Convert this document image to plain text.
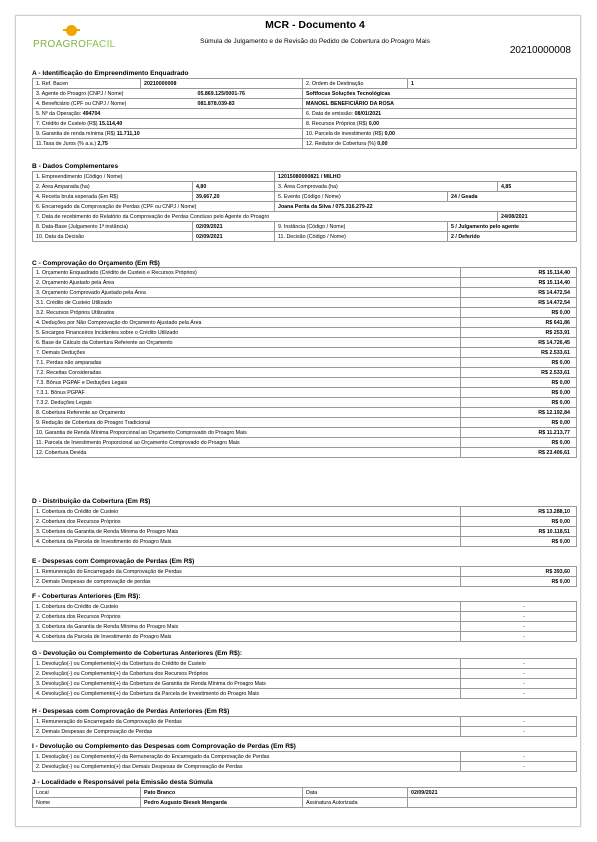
PROAGROFACIL
MCR - Documento 4
Súmula de Julgamento e de Revisão do Pedido de Cobertura do Proagro Mais
20210000008
A - Identificação do Empreendimento Enquadrado
1. Ref. Bacen	20210000008	2. Ordem de Destinação	1
3. Agente do Proagro (CNPJ / Nome) 05.869.125/0001-76		Softfocus Soluções Tecnológicas	
4. Beneficiário (CPF ou CNPJ / Nome) 081.878.039-83		MANOEL BENEFICIÁRIO DA ROSA	
5. Nº da Operação: 494704		6. Data de emissão: 08/01/2021	
7. Crédito de Custeio (R$) 15.114,40		8. Recursos Próprios (R$) 0,00	
9. Garantia de renda mínima (R$) 11.711,10		10. Parcela de investimento (R$) 0,00	
11.Taxa de Juros (% a.a.) 2,75		12. Redutor de Cobertura (%) 0,00	
B - Dados Complementares
1. Empreendimento (Código / Nome)		12015080000821 / MILHO		
2. Área Amparada (ha)	4,80	3. Área Comprovada (ha)		4,85
4. Receita bruta esperada (Em R$)	39.667,20	5. Evento (Código / Nome)	24 / Geada	
6. Encarregado da Comprovação de Perdas (CPF ou CNPJ / Nome)		Joana Perita da Silva / 075.316.279-22		
7. Data de recebimento do Relatório da Comprovação de Perdas Concluso pelo Agente do Proagro				24/08/2021
8. Data-Base (Julgamento 1ª instância)	02/09/2021	9. Instância (Código / Nome)	5 / Julgamento pelo agente	
10. Data da Decisão	02/09/2021	11. Decisão (Código / Nome)	2 / Deferido	
C - Comprovação do Orçamento (Em R$)
1. Orçamento Enquadrado (Crédito de Custeio e Recursos Próprios)	R$ 15.114,40
2. Orçamento Ajustado pela Área	R$ 15.114,40
3. Orçamento Comprovado Ajustado pela Área	R$ 14.472,54
3.1. Crédito de Custeio Utilizado	R$ 14.472,54
3.2. Recursos Próprios Utilizados	R$ 0,00
4. Deduções por Não Comprovação do Orçamento Ajustado pela Área	R$ 641,86
5. Encargos Financeiros Incidentes sobre o Crédito Utilizado	R$ 253,91
6. Base de Cálculo da Cobertura Referente ao Orçamento	R$ 14.726,45
7. Demais Deduções	R$ 2.533,61
7.1. Perdas não amparadas	R$ 0,00
7.2. Receitas Consideradas	R$ 2.533,61
7.3. Bônus PGPAF e Deduções Legais	R$ 0,00
7.3.1. Bônus PGPAF	R$ 0,00
7.3.2. Deduções Legais	R$ 0,00
8. Cobertura Referente ao Orçamento	R$ 12.192,84
9. Redução de Cobertura do Proagro Tradicional	R$ 0,00
10. Garantia de Renda Mínima Proporcional ao Orçamento Comprovado do Proagro Mais	R$ 11.213,77
11. Parcela de Investimento Proporcional ao Orçamento Comprovado do Proagro Mais	R$ 0,00
12. Cobertura Devida	R$ 23.406,61
D - Distribuição da Cobertura (Em R$)
1. Cobertura do Crédito de Custeio	R$ 13.288,10
2. Cobertura dos Recursos Próprios	R$ 0,00
3. Cobertura da Garantia de Renda Mínima do Proagro Mais	R$ 10.118,51
4. Cobertura da Parcela de Investimento do Proagro Mais	R$ 0,00
E - Despesas com Comprovação de Perdas (Em R$)
1. Remuneração do Encarregado da Comprovação de Perdas	R$ 393,60
2. Demais Despesas de comprovação de perdas	R$ 0,00
F - Coberturas Anteriores (Em R$):
1. Cobertura do Crédito de Custeio	-
2. Cobertura dos Recursos Próprios	-
3. Cobertura da Garantia de Renda Mínima do Proagro Mais	-
4. Cobertura da Parcela de Investimento do Proagro Mais	-
G - Devolução ou Complemento de Coberturas Anteriores (Em R$):
1. Devolução(-) ou Complemento(+) da Cobertura do Crédito de Custeio	-
2. Devolução(-) ou Complemento(+) da Cobertura dos Recursos Próprios	-
3. Devolução(-) ou Complemento(+) da Cobertura de Garantia de Renda Mínima do Proagro Mais	-
4. Devolução(-) ou Complemento(+) da Cobertura da Parcela de Investimento do Proagro Mais	-
H - Despesas com Comprovação de Perdas Anteriores (Em R$)
1. Remuneração do Encarregado da Comprovação de Perdas	-
2. Demais Despesas de Comprovação de Perdas	-
I - Devolução ou Complemento das Despesas com Comprovação de Perdas (Em R$)
1. Devolução(-) ou Complemento(+) da Remuneração do Encarregado da Comprovação de Perdas	-
2. Devolução(-) ou Complemento(+) das Demais Despesas de Comprovação de Perdas	-
J - Localidade e Responsável pela Emissão desta Súmula
Local	Pato Branco	Data	02/09/2021
Nome	Pedro Augusto Biesek Mengarda	Assinatura Autorizada	
